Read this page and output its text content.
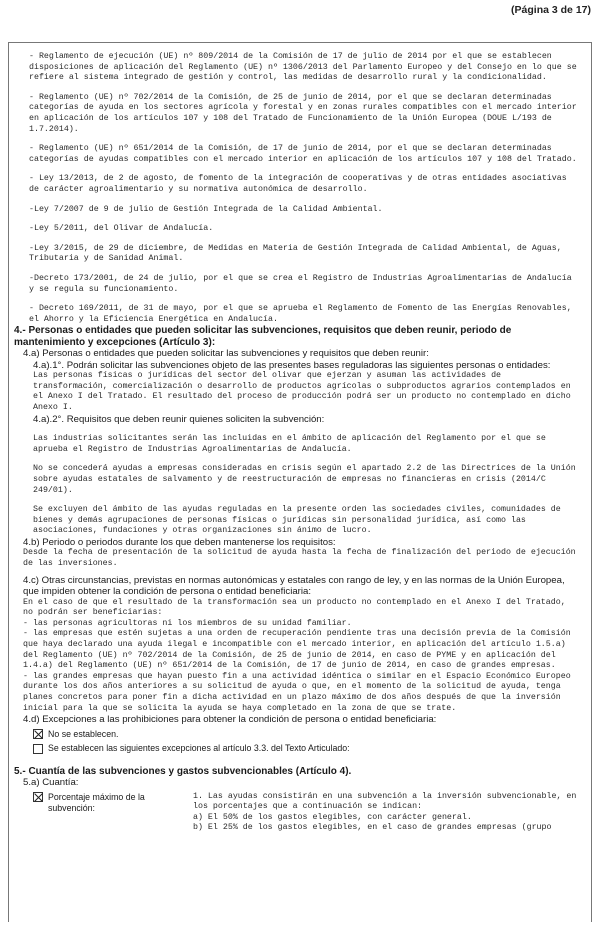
(Página 3 de 17)

- Reglamento de ejecución (UE) nº 809/2014 de la Comisión de 17 de julio de 2014 por el que se establecen disposiciones de aplicación del Reglamento (UE) nº 1306/2013 del Parlamento Europeo y del Consejo en lo que se refiere al sistema integrado de gestión y control, las medidas de desarrollo rural y la condicionalidad.

- Reglamento (UE) nº 702/2014 de la Comisión, de 25 de junio de 2014, por el que se declaran determinadas categorías de ayuda en los sectores agrícola y forestal y en zonas rurales compatibles con el mercado interior en aplicación de los artículos 107 y 108 del Tratado de Funcionamiento de la Unión Europea (DOUE L/193 de 1.7.2014).

- Reglamento (UE) nº 651/2014 de la Comisión, de 17 de junio de 2014, por el que se declaran determinadas categorías de ayudas compatibles con el mercado interior en aplicación de los artículos 107 y 108 del Tratado.

- Ley 13/2013, de 2 de agosto, de fomento de la integración de cooperativas y de otras entidades asociativas de carácter agroalimentario y su normativa autonómica de desarrollo.

-Ley 7/2007 de 9 de julio de Gestión Integrada de la Calidad Ambiental.

-Ley 5/2011, del Olivar de Andalucía.

-Ley 3/2015, de 29 de diciembre, de Medidas en Materia de Gestión Integrada de Calidad Ambiental, de Aguas, Tributaria y de Sanidad Animal.

-Decreto 173/2001, de 24 de julio, por el que se crea el Registro de Industrias Agroalimentarias de Andalucía y se regula su funcionamiento.

- Decreto 169/2011, de 31 de mayo, por el que se aprueba el Reglamento de Fomento de las Energías Renovables, el Ahorro y la Eficiencia Energética en Andalucía.

4.- Personas o entidades que pueden solicitar las subvenciones, requisitos que deben reunir, periodo de mantenimiento y excepciones (Artículo 3):
4.a) Personas o entidades que pueden solicitar las subvenciones y requisitos que deben reunir:
4.a).1°. Podrán solicitar las subvenciones objeto de las presentes bases reguladoras las siguientes personas o entidades:
Las personas físicas o jurídicas del sector del olivar que ejerzan y asuman las actividades de transformación, comercialización o desarrollo de productos agrícolas o subproductos agrarios contemplados en el Anexo I del Tratado. El resultado del proceso de producción podrá ser un producto no contemplado en dicho Anexo I.
4.a).2°. Requisitos que deben reunir quienes soliciten la subvención:
Las industrias solicitantes serán las incluidas en el ámbito de aplicación del Reglamento por el que se aprueba el Registro de Industrias Agroalimentarias de Andalucía.
No se concederá ayudas a empresas consideradas en crisis según el apartado 2.2 de las Directrices de la Unión sobre ayudas estatales de salvamento y de reestructuración de empresas no financieras en crisis (2014/C 249/01).
Se excluyen del ámbito de las ayudas reguladas en la presente orden las sociedades civiles, comunidades de bienes y demás agrupaciones de personas físicas o jurídicas sin personalidad jurídica, así como las asociaciones, fundaciones y otras organizaciones sin ánimo de lucro.
4.b) Periodo o periodos durante los que deben mantenerse los requisitos:
Desde la fecha de presentación de la solicitud de ayuda hasta la fecha de finalización del periodo de ejecución de las inversiones.
4.c) Otras circunstancias, previstas en normas autonómicas y estatales con rango de ley, y en las normas de la Unión Europea, que impiden obtener la condición de persona o entidad beneficiaria:
En el caso de que el resultado de la transformación sea un producto no contemplado en el Anexo I del Tratado, no podrán ser beneficiarias:
- las personas agricultoras ni los miembros de su unidad familiar.
- las empresas que estén sujetas a una orden de recuperación pendiente tras una decisión previa de la Comisión que haya declarado una ayuda ilegal e incompatible con el mercado interior, en aplicación del artículo 1.5.a) del Reglamento (UE) nº 702/2014 de la Comisión, de 25 de junio de 2014, en caso de PYME y en aplicación del 1.4.a) del Reglamento (UE) nº 651/2014 de la Comisión, de 17 de junio de 2014, en caso de grandes empresas.
- las grandes empresas que hayan puesto fin a una actividad idéntica o similar en el Espacio Económico Europeo durante los dos años anteriores a su solicitud de ayuda o que, en el momento de la solicitud de ayuda, tenga planes concretos para poner fin a dicha actividad en un plazo máximo de dos años después de que la inversión inicial para la que se solicita la ayuda se haya completado en la zona de que se trate.
4.d) Excepciones a las prohibiciones para obtener la condición de persona o entidad beneficiaria:
No se establecen.
Se establecen las siguientes excepciones al artículo 3.3. del Texto Articulado:
5.- Cuantía de las subvenciones y gastos subvencionables (Artículo 4).
5.a) Cuantía:
Porcentaje máximo de la subvención:
1. Las ayudas consistirán en una subvención a la inversión subvencionable, en los porcentajes que a continuación se indican:
a) El 50% de los gastos elegibles, con carácter general.
b) El 25% de los gastos elegibles, en el caso de grandes empresas (grupo
